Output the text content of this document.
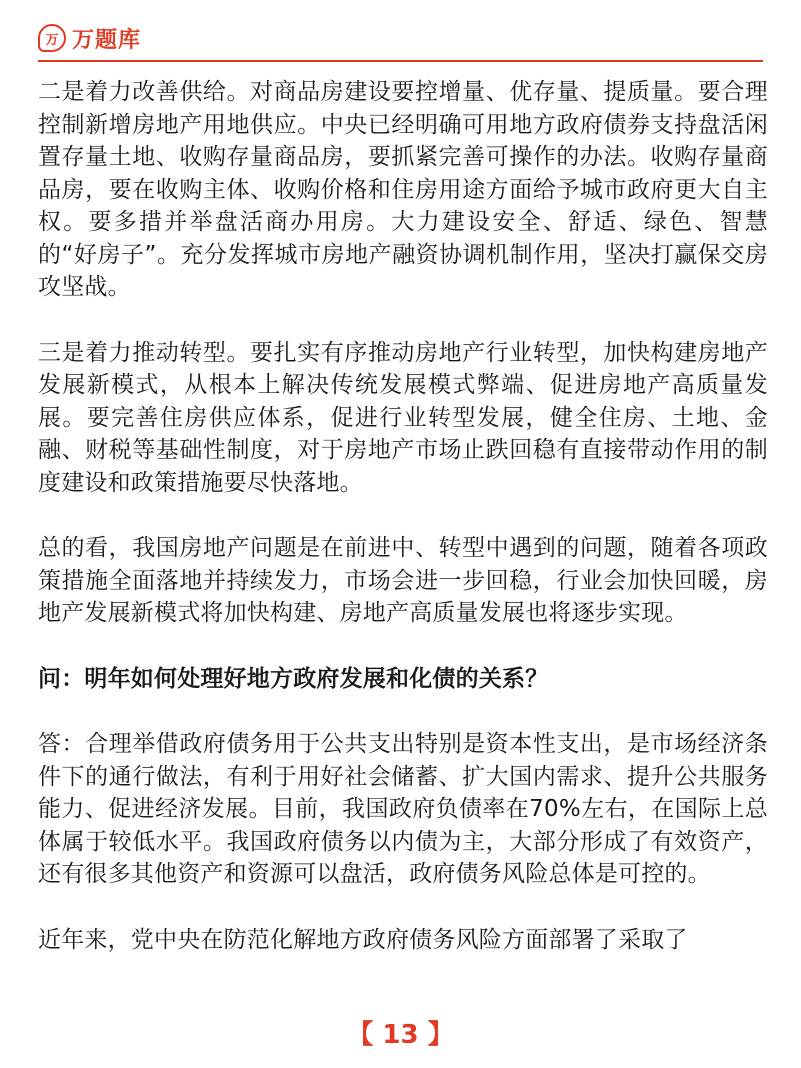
万 万题库

二是着力改善供给。对商品房建设要控增量、优存量、提质量。要合理控制新增房地产用地供应。中央已经明确可用地方政府债券支持盘活闲置存量土地、收购存量商品房，要抓紧完善可操作的办法。收购存量商品房，要在收购主体、收购价格和住房用途方面给予城市政府更大自主权。要多措并举盘活商办用房。大力建设安全、舒适、绿色、智慧的“好房子”。充分发挥城市房地产融资协调机制作用，坚决打赢保交房攻坚战。

三是着力推动转型。要扎实有序推动房地产行业转型，加快构建房地产发展新模式，从根本上解决传统发展模式弊端、促进房地产高质量发展。要完善住房供应体系，促进行业转型发展，健全住房、土地、金融、财税等基础性制度，对于房地产市场止跌回稳有直接带动作用的制度建设和政策措施要尽快落地。

总的看，我国房地产问题是在前进中、转型中遇到的问题，随着各项政策措施全面落地并持续发力，市场会进一步回稳，行业会加快回暖，房地产发展新模式将加快构建、房地产高质量发展也将逐步实现。

问：明年如何处理好地方政府发展和化债的关系？

答：合理举借政府债务用于公共支出特别是资本性支出，是市场经济条件下的通行做法，有利于用好社会储蓄、扩大国内需求、提升公共服务能力、促进经济发展。目前，我国政府负债率在70%左右，在国际上总体属于较低水平。我国政府债务以内债为主，大部分形成了有效资产，还有很多其他资产和资源可以盘活，政府债务风险总体是可控的。

近年来，党中央在防范化解地方政府债务风险方面部署了采取了

【 13 】
